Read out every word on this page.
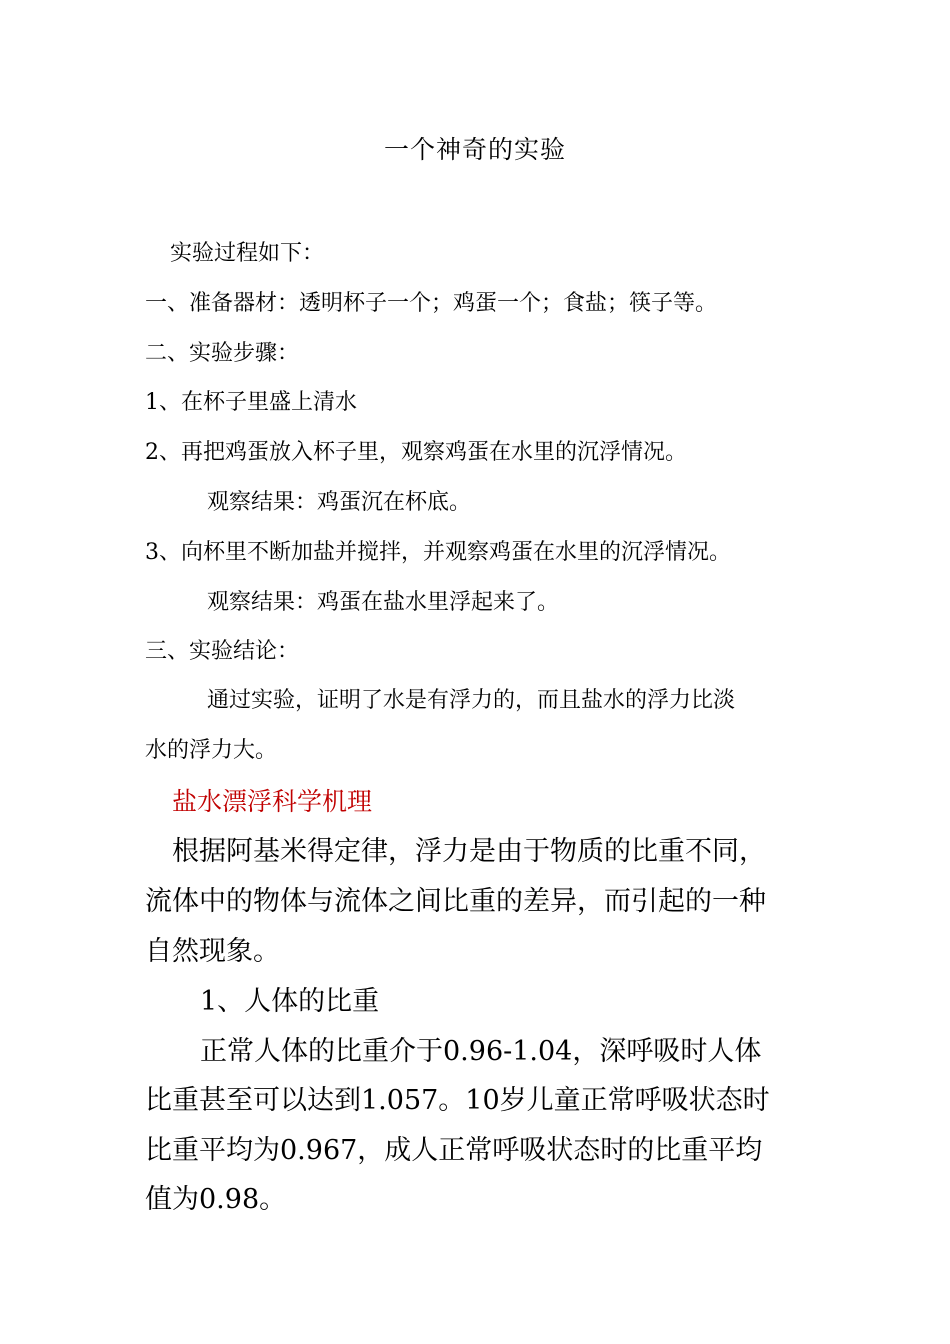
一个神奇的实验

实验过程如下：

一、准备器材：透明杯子一个；鸡蛋一个；食盐；筷子等。

二、实验步骤：

1、在杯子里盛上清水

2、再把鸡蛋放入杯子里，观察鸡蛋在水里的沉浮情况。

观察结果：鸡蛋沉在杯底。

3、向杯里不断加盐并搅拌，并观察鸡蛋在水里的沉浮情况。

观察结果：鸡蛋在盐水里浮起来了。

三、实验结论：

通过实验，证明了水是有浮力的，而且盐水的浮力比淡

水的浮力大。

盐水漂浮科学机理

根据阿基米得定律，浮力是由于物质的比重不同，

流体中的物体与流体之间比重的差异，而引起的一种

自然现象。

1、人体的比重

正常人体的比重介于0.96-1.04，深呼吸时人体

比重甚至可以达到1.057。10岁儿童正常呼吸状态时

比重平均为0.967，成人正常呼吸状态时的比重平均

值为0.98。
